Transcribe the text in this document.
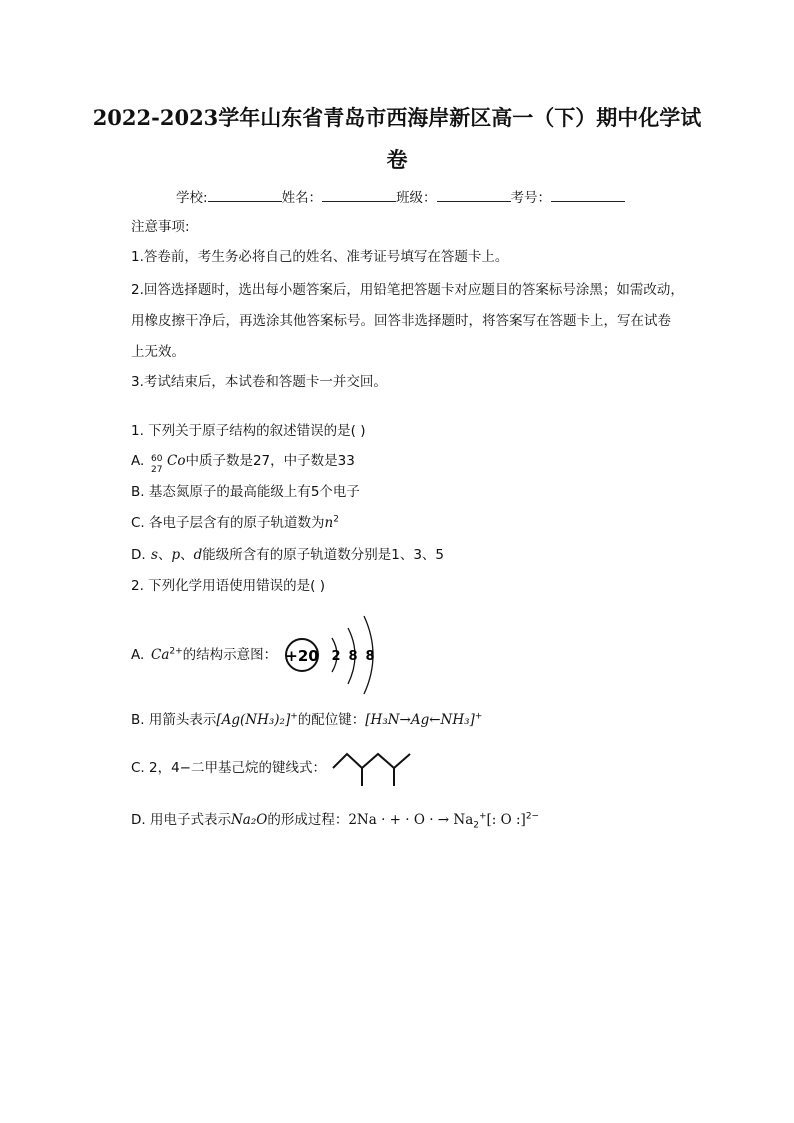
2022-2023学年山东省青岛市西海岸新区高一（下）期中化学试
卷
学校:	姓名：	班级：	考号：
注意事项:
1.答卷前，考生务必将自己的姓名、准考证号填写在答题卡上。
2.回答选择题时，选出每小题答案后，用铅笔把答题卡对应题目的答案标号涂黑；如需改动，
用橡皮擦干净后，再选涂其他答案标号。回答非选择题时，将答案写在答题卡上，写在试卷
上无效。
3.考试结束后，本试卷和答题卡一并交回。
1. 下列关于原子结构的叙述错误的是( )
A. 60
27
Co中质子数是27，中子数是33
B. 基态氮原子的最高能级上有5个电子
C. 各电子层含有的原子轨道数为$n^2$
D. s、p、d能级所含有的原子轨道数分别是1、3、5
2. 下列化学用语使用错误的是( )
A. $Ca^{2+}$的结构示意图： +20 2 8 8
B. 用箭头表示[Ag(NH₃)₂]+的配位键：[H₃N→Ag←NH₃]+
C. 2，4−二甲基己烷的键线式：
D. 用电子式表示Na₂O的形成过程：2Na · + · O · → $Na_2^+$[: O :]$^{2-}$
